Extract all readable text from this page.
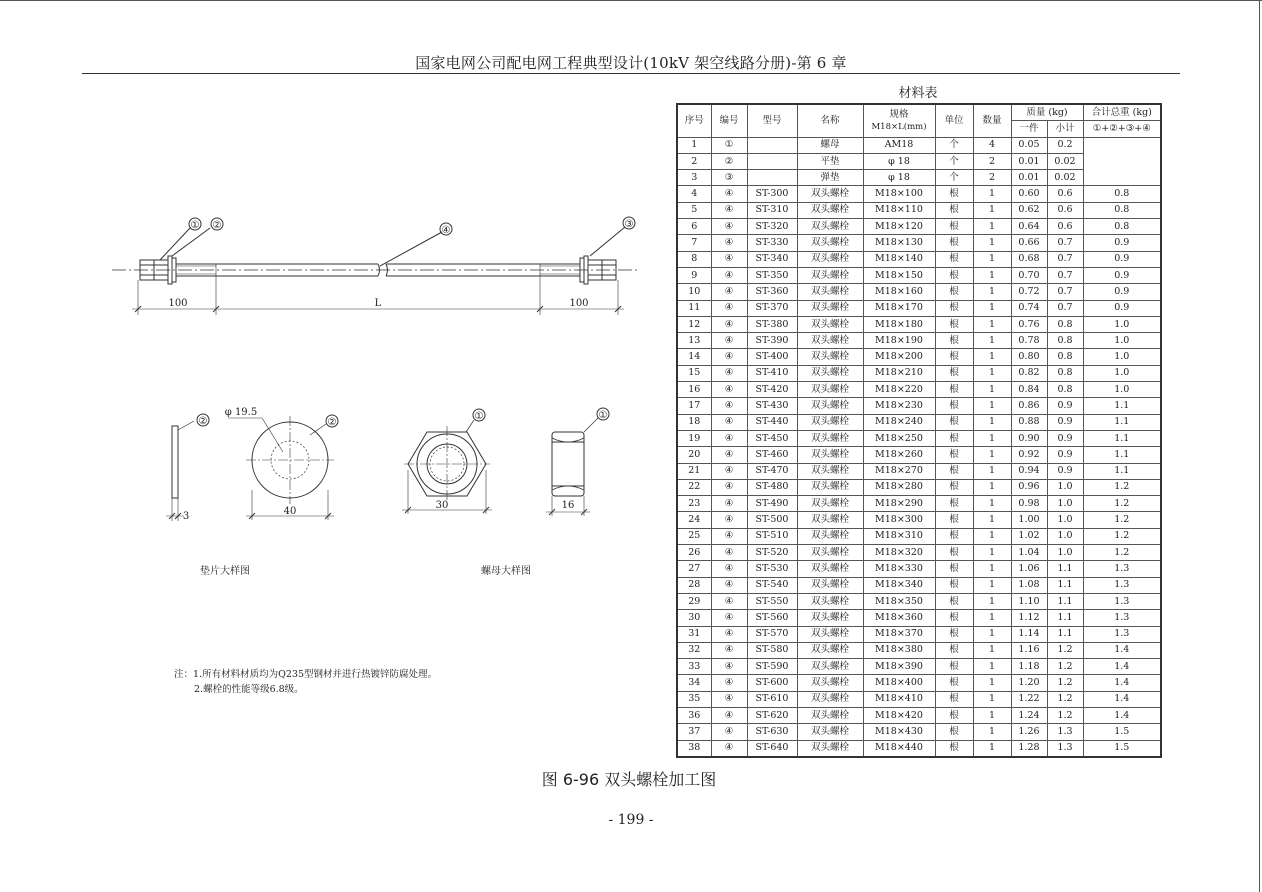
国家电网公司配电网工程典型设计(10kV 架空线路分册)-第 6 章
① ②	④
③
100	L	100
②
3
②
φ 19.5
40
①
30
①
16
垫片大样图	螺母大样图
注：1.所有材料材质均为Q235型钢材并进行热镀锌防腐处理。
2.螺栓的性能等级6.8级。
材料表
序号	编号	型号	名称	规格
M18×L(mm)	单位	数量	质量 (kg)		合计总重 (kg)
							一件	小计	①+②+③+④
1	①		螺母	AM18	个	4	0.05	0.2	
2	②		平垫	φ 18	个	2	0.01	0.02	
3	③		弹垫	φ 18	个	2	0.01	0.02	
4	④	ST-300	双头螺栓	M18×100	根	1	0.60	0.6	0.8
5	④	ST-310	双头螺栓	M18×110	根	1	0.62	0.6	0.8
6	④	ST-320	双头螺栓	M18×120	根	1	0.64	0.6	0.8
7	④	ST-330	双头螺栓	M18×130	根	1	0.66	0.7	0.9
8	④	ST-340	双头螺栓	M18×140	根	1	0.68	0.7	0.9
9	④	ST-350	双头螺栓	M18×150	根	1	0.70	0.7	0.9
10	④	ST-360	双头螺栓	M18×160	根	1	0.72	0.7	0.9
11	④	ST-370	双头螺栓	M18×170	根	1	0.74	0.7	0.9
12	④	ST-380	双头螺栓	M18×180	根	1	0.76	0.8	1.0
13	④	ST-390	双头螺栓	M18×190	根	1	0.78	0.8	1.0
14	④	ST-400	双头螺栓	M18×200	根	1	0.80	0.8	1.0
15	④	ST-410	双头螺栓	M18×210	根	1	0.82	0.8	1.0
16	④	ST-420	双头螺栓	M18×220	根	1	0.84	0.8	1.0
17	④	ST-430	双头螺栓	M18×230	根	1	0.86	0.9	1.1
18	④	ST-440	双头螺栓	M18×240	根	1	0.88	0.9	1.1
19	④	ST-450	双头螺栓	M18×250	根	1	0.90	0.9	1.1
20	④	ST-460	双头螺栓	M18×260	根	1	0.92	0.9	1.1
21	④	ST-470	双头螺栓	M18×270	根	1	0.94	0.9	1.1
22	④	ST-480	双头螺栓	M18×280	根	1	0.96	1.0	1.2
23	④	ST-490	双头螺栓	M18×290	根	1	0.98	1.0	1.2
24	④	ST-500	双头螺栓	M18×300	根	1	1.00	1.0	1.2
25	④	ST-510	双头螺栓	M18×310	根	1	1.02	1.0	1.2
26	④	ST-520	双头螺栓	M18×320	根	1	1.04	1.0	1.2
27	④	ST-530	双头螺栓	M18×330	根	1	1.06	1.1	1.3
28	④	ST-540	双头螺栓	M18×340	根	1	1.08	1.1	1.3
29	④	ST-550	双头螺栓	M18×350	根	1	1.10	1.1	1.3
30	④	ST-560	双头螺栓	M18×360	根	1	1.12	1.1	1.3
31	④	ST-570	双头螺栓	M18×370	根	1	1.14	1.1	1.3
32	④	ST-580	双头螺栓	M18×380	根	1	1.16	1.2	1.4
33	④	ST-590	双头螺栓	M18×390	根	1	1.18	1.2	1.4
34	④	ST-600	双头螺栓	M18×400	根	1	1.20	1.2	1.4
35	④	ST-610	双头螺栓	M18×410	根	1	1.22	1.2	1.4
36	④	ST-620	双头螺栓	M18×420	根	1	1.24	1.2	1.4
37	④	ST-630	双头螺栓	M18×430	根	1	1.26	1.3	1.5
38	④	ST-640	双头螺栓	M18×440	根	1	1.28	1.3	1.5
图 6-96 双头螺栓加工图
- 199 -
